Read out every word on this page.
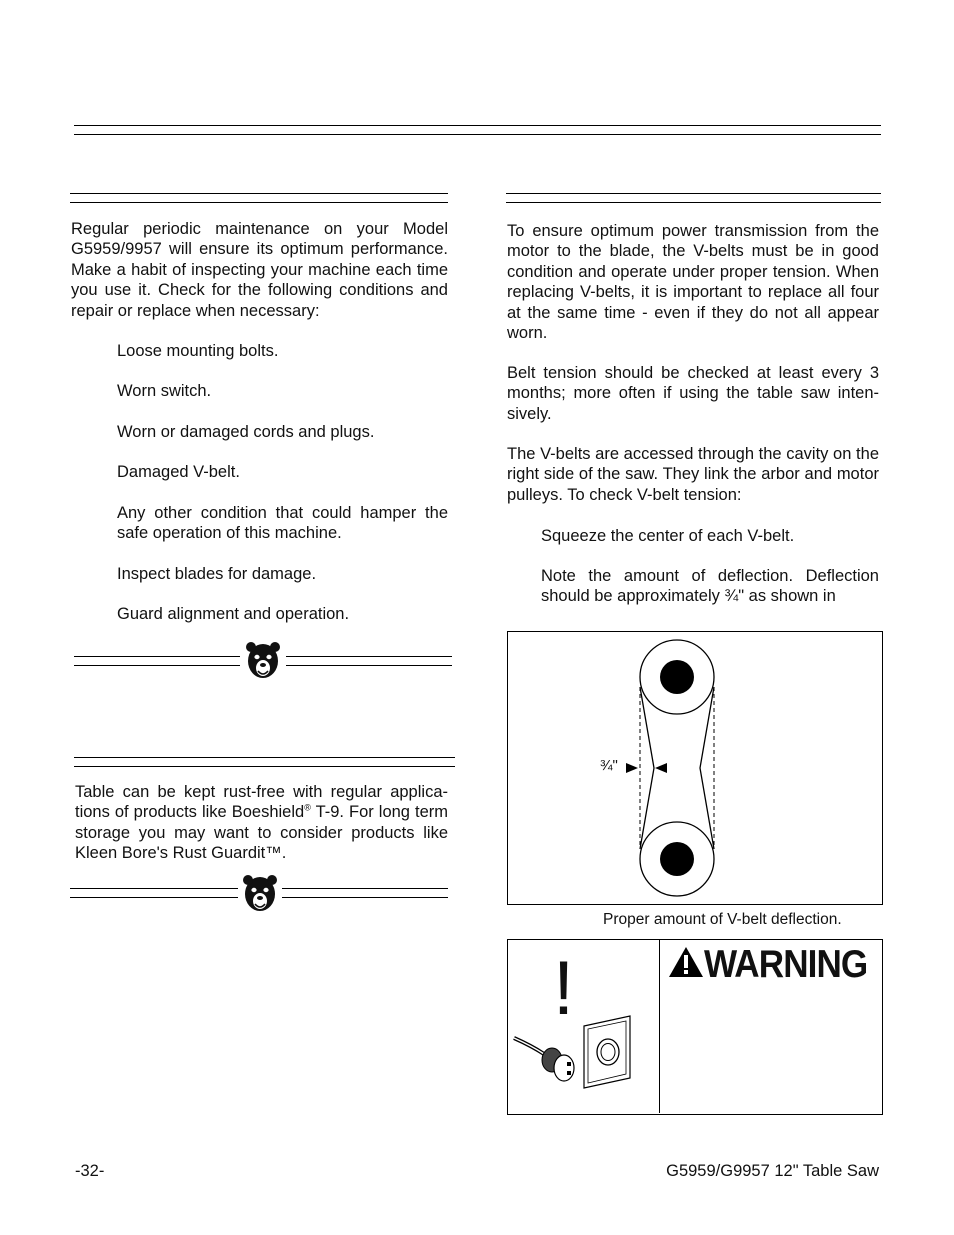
Regular periodic maintenance on your Model G5959/9957 will ensure its optimum performance. Make a habit of inspecting your machine each time you use it. Check for the following conditions and repair or replace when necessary:
Loose mounting bolts.
Worn switch.
Worn or damaged cords and plugs.
Damaged V-belt.
Any other condition that could hamper the safe operation of this machine.
Inspect blades for damage.
Guard alignment and operation.
Table can be kept rust-free with regular applica-tions of products like Boeshield® T-9. For long term storage you may want to consider products like Kleen Bore's Rust Guardit™.
To ensure optimum power transmission from the motor to the blade, the V-belts must be in good condition and operate under proper tension. When replacing V-belts, it is important to replace all four at the same time - even if they do not all appear worn.
Belt tension should be checked at least every 3 months; more often if using the table saw inten-sively.
The V-belts are accessed through the cavity on the right side of the saw. They link the arbor and motor pulleys. To check V-belt tension:
Squeeze the center of each V-belt.
Note the amount of deflection. Deflection should be approximately ¾" as shown in
¾"
Proper amount of V-belt deflection.
!	WARNING
-32-	G5959/G9957 12" Table Saw
